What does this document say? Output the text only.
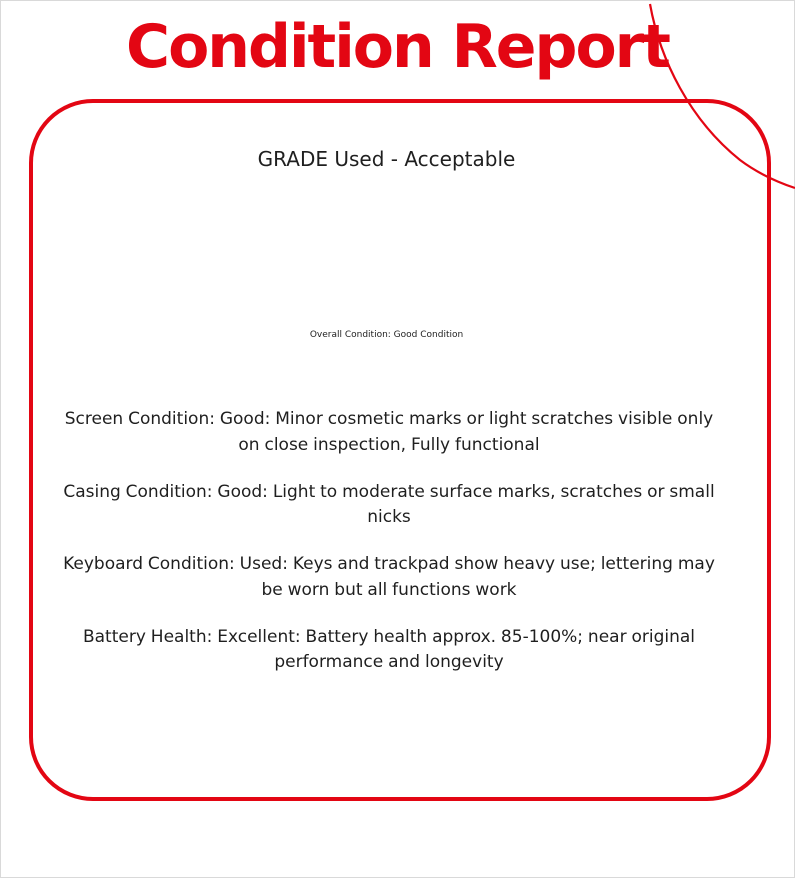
Condition Report
GRADE Used - Acceptable
Overall Condition: Good Condition

Screen Condition: Good: Minor cosmetic marks or light scratches visible only on close inspection, Fully functional

Casing Condition: Good: Light to moderate surface marks, scratches or small nicks

Keyboard Condition: Used: Keys and trackpad show heavy use; lettering may be worn but all functions work

Battery Health: Excellent: Battery health approx. 85-100%; near original performance and longevity
